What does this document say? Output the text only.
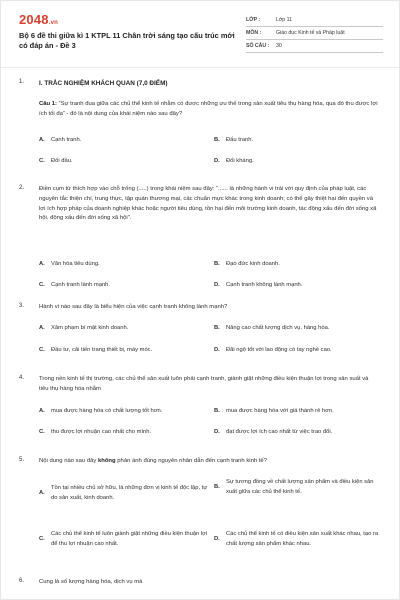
2048.vn
Bộ 6 đề thi giữa kì 1 KTPL 11 Chân trời sáng tạo cấu trúc mới có đáp án - Đề 3
LỚP :	Lớp 11
MÔN :	Giáo dục Kinh tế và Pháp luật
SỐ CÂU :	30
1. I. TRẮC NGHIỆM KHÁCH QUAN (7,0 ĐIỂM)
Câu 1: “Sự tranh đua giữa các chủ thể kinh tế nhằm có được những ưu thế trong sản xuất tiêu thụ hàng hóa, qua đó thu được lợi ích tối đa” - đó là nội dung của khái niệm nào sau đây?
A. Cạnh tranh.	B. Đấu tranh.
C. Đối đầu.	D. Đối kháng.
2.	Điền cụm từ thích hợp vào chỗ trống (.....) trong khái niệm sau đây: “...... là những hành vi trái với quy định của pháp luật, các nguyên tắc thiện chí, trung thực, tập quán thương mại, các chuẩn mực khác trong kinh doanh; có thể gây thiệt hại đến quyền và lợi ích hợp pháp của doanh nghiệp khác hoặc người tiêu dùng, tồn hại đến môi trường kinh doanh, tác động xấu đến đời sống xã hội. động xấu đến đời sống xã hội”.
A. Văn hóa tiêu dùng.	B. Đạo đức kinh doanh.
C. Cạnh tranh lành mạnh.	D. Cạnh tranh không lành mạnh.
3.	Hành vi nào sau đây là biểu hiện của việc cạnh tranh không lành mạnh?
A. Xâm phạm bí mật kinh doanh.	B. Nâng cao chất lượng dịch vụ, hàng hóa.
C. Đầu tư, cải tiến trang thiết bị, máy móc.	D. Đãi ngộ tốt với lao động có tay nghề cao.
4.	Trong nền kinh tế thị trường, các chủ thể sản xuất luôn phải cạnh tranh, giành giật những điều kiện thuận lợi trong sản xuất và tiêu thụ hàng hóa nhằm
A. mua được hàng hóa có chất lượng tốt hơn.	B. mua được hàng hóa với giá thành rẻ hơn.
C. thu được lợi nhuận cao nhất cho mình.	D. đạt được lợi ích cao nhất từ việc trao đổi.
5.	Nội dung nào sau đây không phản ánh đúng nguyên nhân dẫn đến cạnh tranh kinh tế?
A.
Tồn tại nhiều chủ sở hữu, là những đơn vị kinh tế độc lập, tự do sản xuất, kinh doanh.
B.
Sự tương đồng về chất lượng sản phẩm và điều kiện sản xuất giữa các chủ thể kinh tế.
C.
Các chủ thể kinh tế luôn giành giật những điều kiện thuận lợi để thu lợi nhuận cao nhất.
D.
Các chủ thể kinh tế có điều kiện sản xuất khác nhau, tạo ra chất lượng sản phẩm khác nhau.
6.	Cung là số lượng hàng hóa, dịch vụ mà
